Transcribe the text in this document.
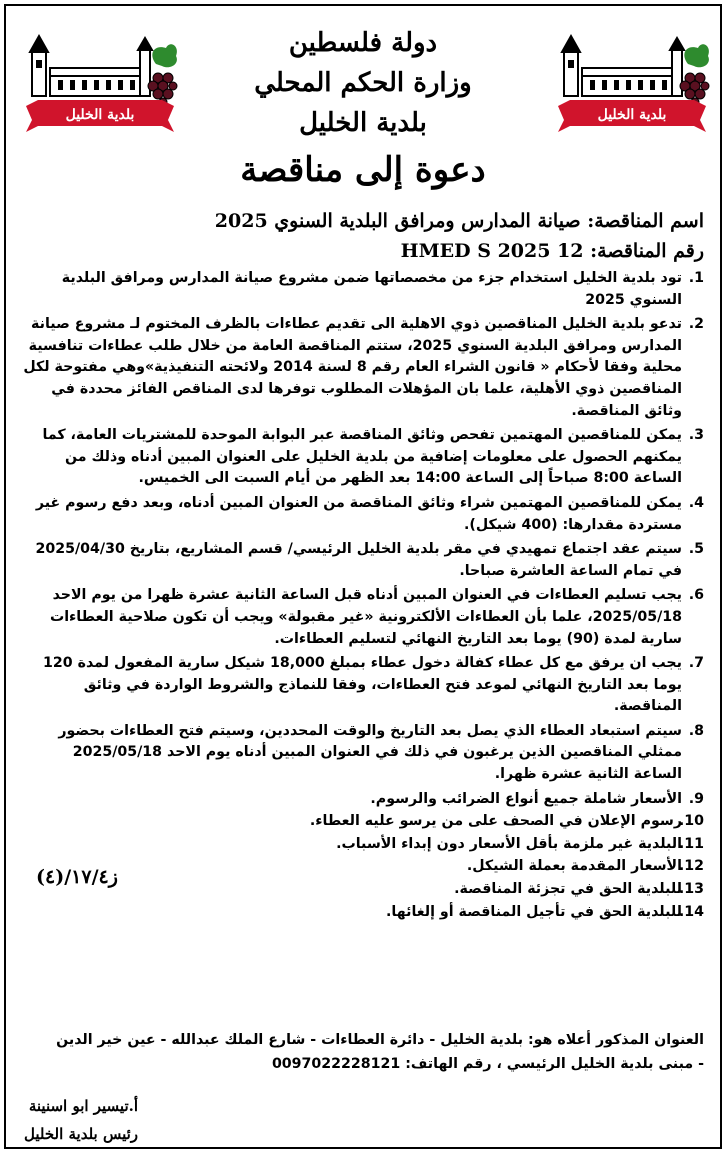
بلدية الخليل	بلدية الخليل
دولة فلسطين
وزارة الحكم المحلي
بلدية الخليل
دعوة إلى مناقصة
اسم المناقصة: صيانة المدارس ومرافق البلدية السنوي 2025
رقم المناقصة: 12 HMED S 2025
.1
تود بلدية الخليل استخدام جزء من مخصصاتها ضمن مشروع صيانة المدارس ومرافق البلدية السنوي 2025
.2
تدعو بلدية الخليل المناقصين ذوي الاهلية الى تقديم عطاءات بالظرف المختوم لـ مشروع صيانة المدارس ومرافق البلدية السنوي 2025، ستتم المناقصة العامة من خلال طلب عطاءات تنافسية محلية وفقا لأحكام « قانون الشراء العام رقم 8 لسنة 2014 ولائحته التنفيذية»وهي مفتوحة لكل المناقصين ذوي الأهلية، علما بان المؤهلات المطلوب توفرها لدى المناقص الفائز محددة في وثائق المناقصة.
.3
يمكن للمناقصين المهتمين تفحص وثائق المناقصة عبر البوابة الموحدة للمشتريات العامة، كما يمكنهم الحصول على معلومات إضافية من بلدية الخليل على العنوان المبين أدناه وذلك من الساعة 8:00 صباحاً إلى الساعة 14:00 بعد الظهر من أيام السبت الى الخميس.
.4
يمكن للمناقصين المهتمين شراء وثائق المناقصة من العنوان المبين أدناه، وبعد دفع رسوم غير مستردة مقدارها: (400 شيكل).
.5
سيتم عقد اجتماع تمهيدي في مقر بلدية الخليل الرئيسي/ قسم المشاريع، بتاريخ 2025/04/30 في تمام الساعة العاشرة صباحا.
.6
يجب تسليم العطاءات في العنوان المبين أدناه قبل الساعة الثانية عشرة ظهرا من يوم الاحد 2025/05/18، علما بأن العطاءات الألكترونية «غير مقبولة» ويجب أن تكون صلاحية العطاءات سارية لمدة (90) يوما بعد التاريخ النهائي لتسليم العطاءات.
.7
يجب ان يرفق مع كل عطاء كفالة دخول عطاء بمبلغ 18,000 شيكل سارية المفعول لمدة 120 يوما بعد التاريخ النهائي لموعد فتح العطاءات، وفقا للنماذج والشروط الواردة في وثائق المناقصة.
.8
سيتم استبعاد العطاء الذي يصل بعد التاريخ والوقت المحددين، وسيتم فتح العطاءات بحضور ممثلي المناقصين الذين يرغبون في ذلك في العنوان المبين أدناه يوم الاحد 2025/05/18 الساعة الثانية عشرة ظهرا.
.9
الأسعار شاملة جميع أنواع الضرائب والرسوم.
.10
رسوم الإعلان في الصحف على من يرسو عليه العطاء.
.11
البلدية غير ملزمة بأقل الأسعار دون إبداء الأسباب.
.12
الأسعار المقدمة بعملة الشيكل.
.13
للبلدية الحق في تجزئة المناقصة.
.14
للبلدية الحق في تأجيل المناقصة أو إلغائها.
ز١٧/٤/(٤)
العنوان المذكور أعلاه هو: بلدية الخليل - دائرة العطاءات - شارع الملك عبدالله - عين خير الدين
- مبنى بلدية الخليل الرئيسي ، رقم الهاتف: 0097022228121
أ.تيسير ابو اسنينة
رئيس بلدية الخليل
